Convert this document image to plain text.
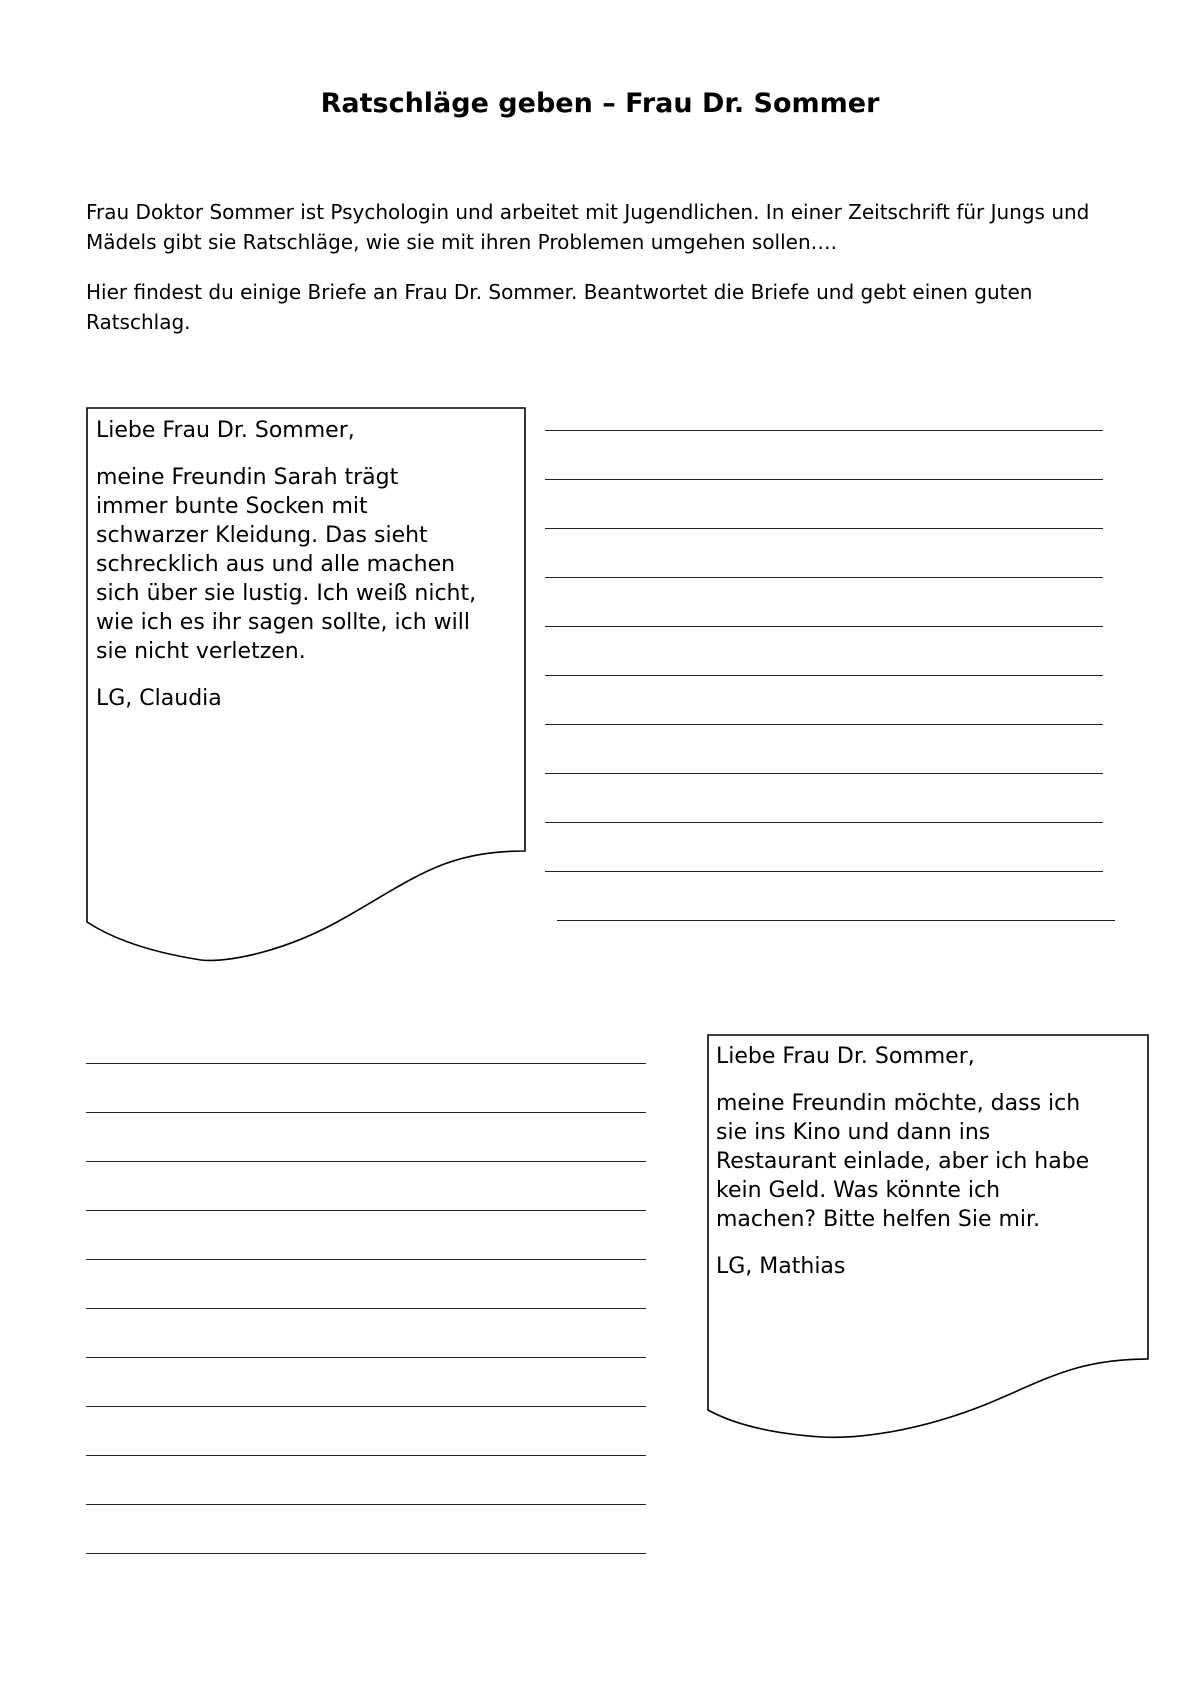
Ratschläge geben – Frau Dr. Sommer

Frau Doktor Sommer ist Psychologin und arbeitet mit Jugendlichen. In einer Zeitschrift für Jungs und
Mädels gibt sie Ratschläge, wie sie mit ihren Problemen umgehen sollen….

Hier findest du einige Briefe an Frau Dr. Sommer. Beantwortet die Briefe und gebt einen guten
Ratschlag.

Liebe Frau Dr. Sommer,

meine Freundin Sarah trägt
immer bunte Socken mit
schwarzer Kleidung. Das sieht
schrecklich aus und alle machen
sich über sie lustig. Ich weiß nicht,
wie ich es ihr sagen sollte, ich will
sie nicht verletzen.

LG, Claudia

Liebe Frau Dr. Sommer,

meine Freundin möchte, dass ich
sie ins Kino und dann ins
Restaurant einlade, aber ich habe
kein Geld. Was könnte ich
machen? Bitte helfen Sie mir.

LG, Mathias
